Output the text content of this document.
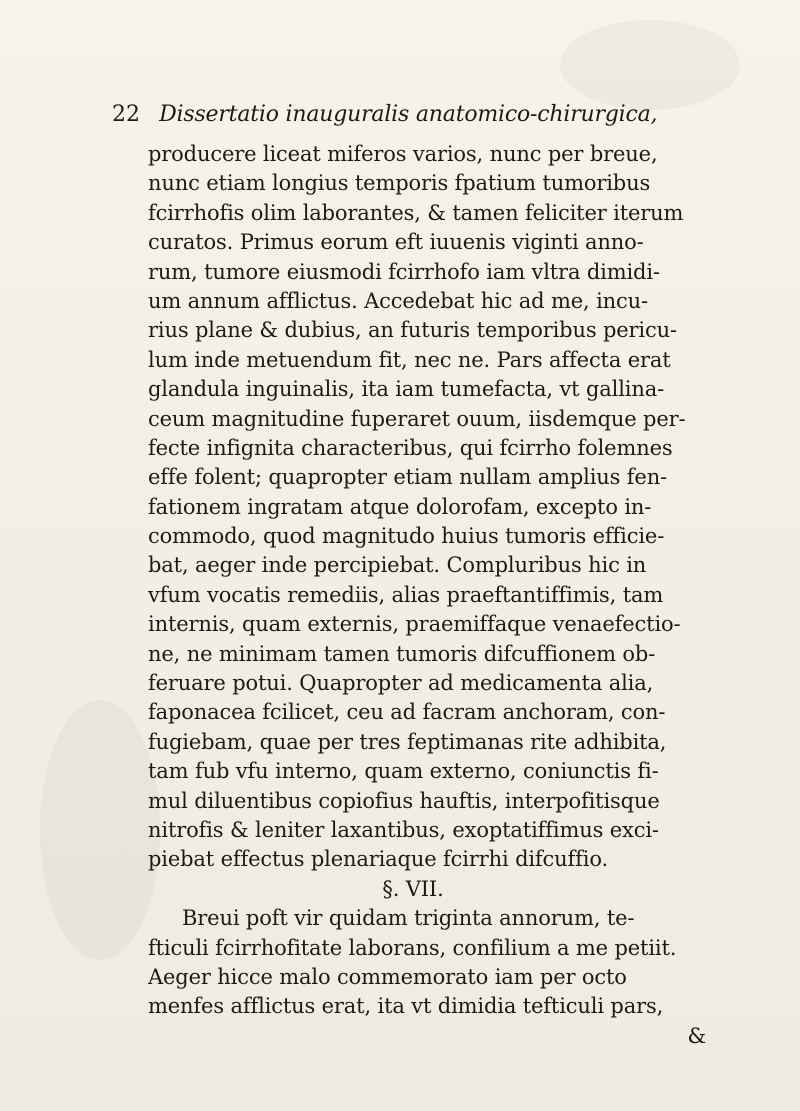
22 Dissertatio inauguralis anatomico-chirurgica,
producere liceat miferos varios, nunc per breue,
nunc etiam longius temporis fpatium tumoribus
fcirrhofis olim laborantes, & tamen feliciter iterum
curatos. Primus eorum eft iuuenis viginti anno-
rum, tumore eiusmodi fcirrhofo iam vltra dimidi-
um annum afflictus. Accedebat hic ad me, incu-
rius plane & dubius, an futuris temporibus pericu-
lum inde metuendum fit, nec ne. Pars affecta erat
glandula inguinalis, ita iam tumefacta, vt gallina-
ceum magnitudine fuperaret ouum, iisdemque per-
fecte infignita characteribus, qui fcirrho folemnes
effe folent; quapropter etiam nullam amplius fen-
fationem ingratam atque dolorofam, excepto in-
commodo, quod magnitudo huius tumoris efficie-
bat, aeger inde percipiebat. Compluribus hic in
vfum vocatis remediis, alias praeftantiffimis, tam
internis, quam externis, praemiffaque venaefectio-
ne, ne minimam tamen tumoris difcuffionem ob-
feruare potui. Quapropter ad medicamenta alia,
faponacea fcilicet, ceu ad facram anchoram, con-
fugiebam, quae per tres feptimanas rite adhibita,
tam fub vfu interno, quam externo, coniunctis fi-
mul diluentibus copiofius hauftis, interpofitisque
nitrofis & leniter laxantibus, exoptatiffimus exci-
piebat effectus plenariaque fcirrhi difcuffio.
§. VII.
Breui poft vir quidam triginta annorum, te-
fticuli fcirrhofitate laborans, confilium a me petiit.
Aeger hicce malo commemorato iam per octo
menfes afflictus erat, ita vt dimidia tefticuli pars,
&
